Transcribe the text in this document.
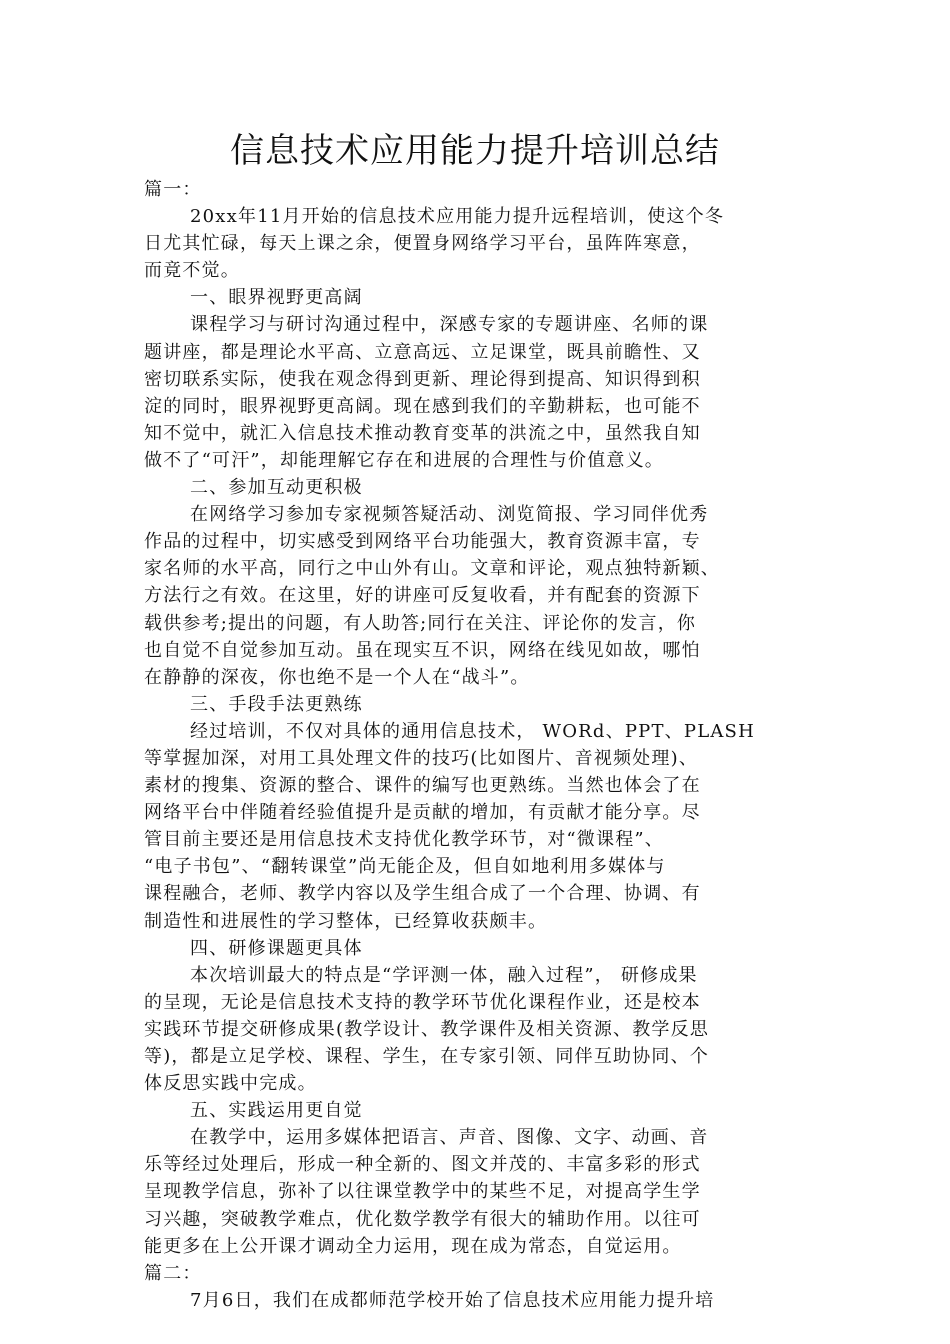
信息技术应用能力提升培训总结
篇一：
20xx年11月开始的信息技术应用能力提升远程培训，使这个冬
日尤其忙碌，每天上课之余，便置身网络学习平台，虽阵阵寒意，
而竟不觉。
一、眼界视野更高阔
课程学习与研讨沟通过程中，深感专家的专题讲座、名师的课
题讲座，都是理论水平高、立意高远、立足课堂，既具前瞻性、又
密切联系实际，使我在观念得到更新、理论得到提高、知识得到积
淀的同时，眼界视野更高阔。现在感到我们的辛勤耕耘，也可能不
知不觉中，就汇入信息技术推动教育变革的洪流之中，虽然我自知
做不了“可汗”，却能理解它存在和进展的合理性与价值意义。
二、参加互动更积极
在网络学习参加专家视频答疑活动、浏览简报、学习同伴优秀
作品的过程中，切实感受到网络平台功能强大，教育资源丰富，专
家名师的水平高，同行之中山外有山。文章和评论，观点独特新颖、
方法行之有效。在这里，好的讲座可反复收看，并有配套的资源下
载供参考;提出的问题，有人助答;同行在关注、评论你的发言，你
也自觉不自觉参加互动。虽在现实互不识，网络在线见如故，哪怕
在静静的深夜，你也绝不是一个人在“战斗”。
三、手段手法更熟练
经过培训，不仅对具体的通用信息技术， WORd、PPT、PLASH
等掌握加深，对用工具处理文件的技巧(比如图片、音视频处理)、
素材的搜集、资源的整合、课件的编写也更熟练。当然也体会了在
网络平台中伴随着经验值提升是贡献的增加，有贡献才能分享。尽
管目前主要还是用信息技术支持优化教学环节，对“微课程”、
“电子书包”、“翻转课堂”尚无能企及，但自如地利用多媒体与
课程融合，老师、教学内容以及学生组合成了一个合理、协调、有
制造性和进展性的学习整体，已经算收获颇丰。
四、研修课题更具体
本次培训最大的特点是“学评测一体，融入过程”， 研修成果
的呈现，无论是信息技术支持的教学环节优化课程作业，还是校本
实践环节提交研修成果(教学设计、教学课件及相关资源、教学反思
等)，都是立足学校、课程、学生，在专家引领、同伴互助协同、个
体反思实践中完成。
五、实践运用更自觉
在教学中，运用多媒体把语言、声音、图像、文字、动画、音
乐等经过处理后，形成一种全新的、图文并茂的、丰富多彩的形式
呈现教学信息，弥补了以往课堂教学中的某些不足，对提高学生学
习兴趣，突破教学难点，优化数学教学有很大的辅助作用。以往可
能更多在上公开课才调动全力运用，现在成为常态，自觉运用。
篇二：
7月6日，我们在成都师范学校开始了信息技术应用能力提升培
